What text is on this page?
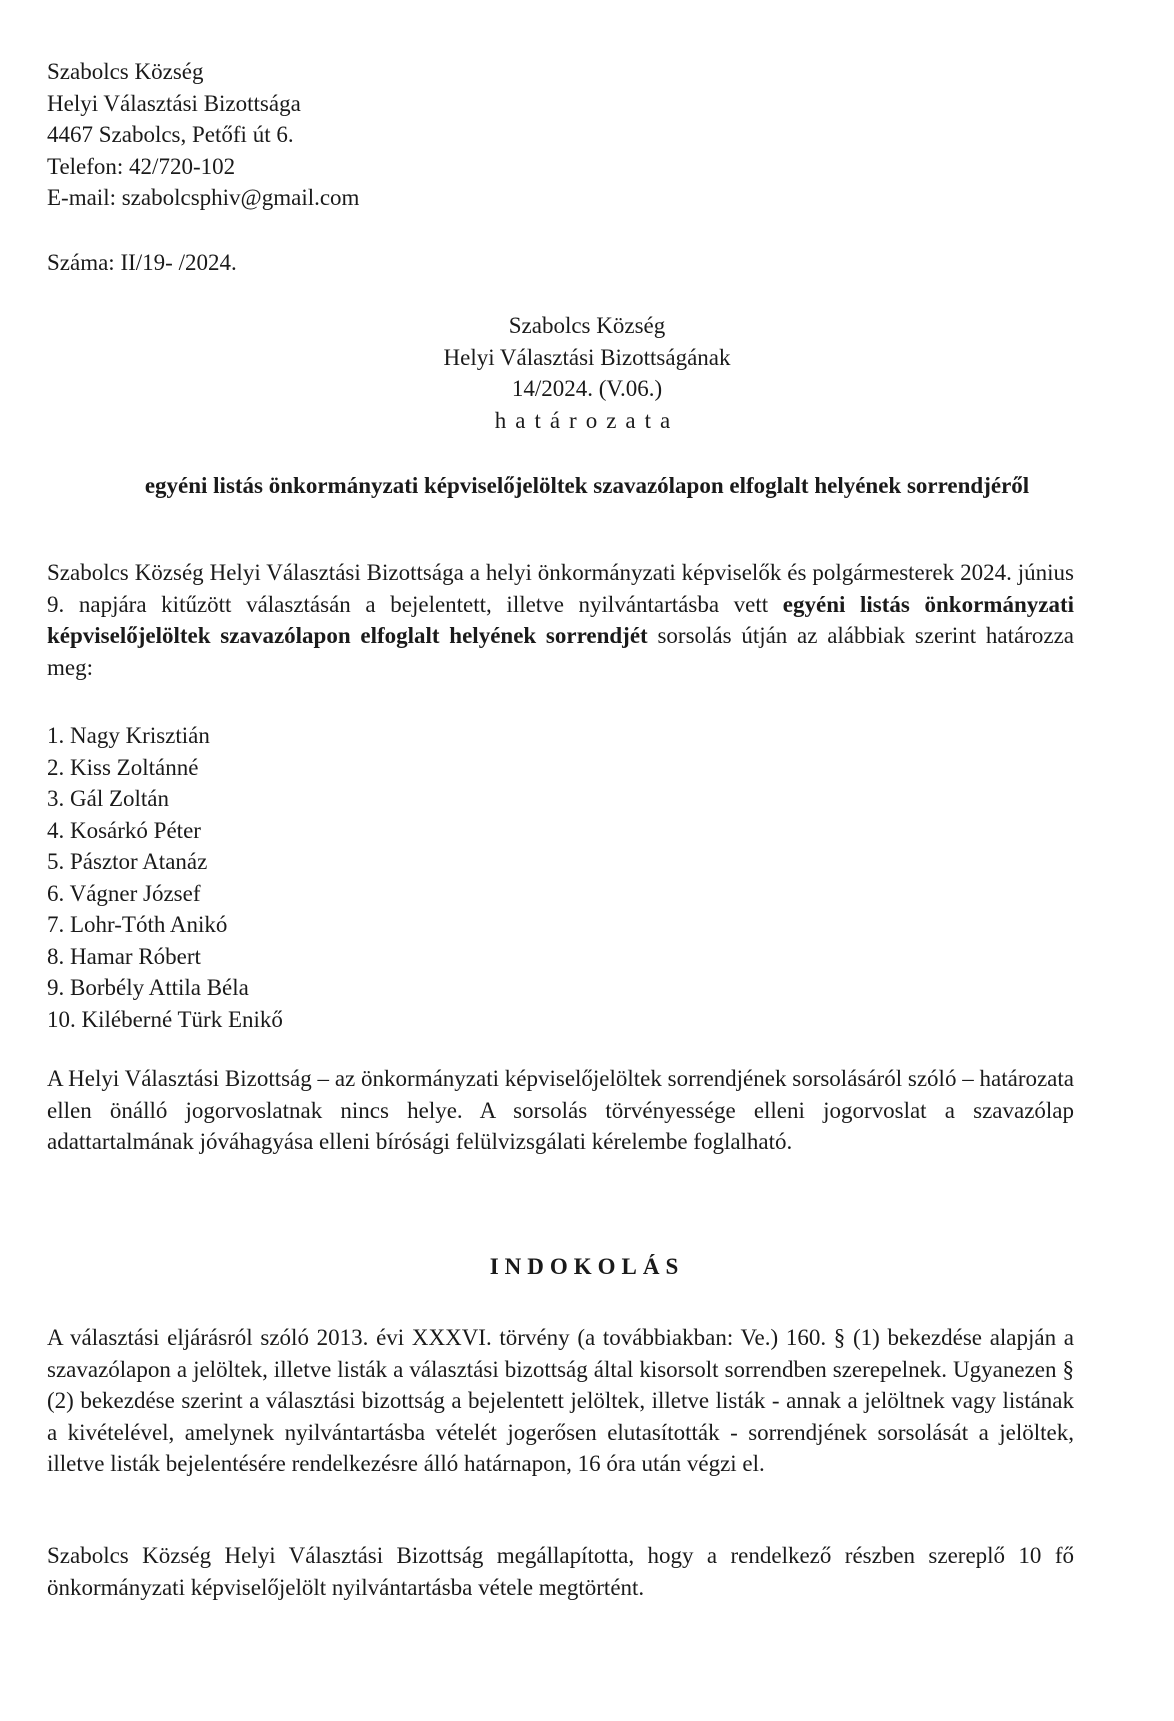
Szabolcs Község
Helyi Választási Bizottsága
4467 Szabolcs, Petőfi út 6.
Telefon: 42/720-102
E-mail: szabolcsphiv@gmail.com
Száma: II/19- /2024.
Szabolcs Község
Helyi Választási Bizottságának
14/2024. (V.06.)
határozata
egyéni listás önkormányzati képviselőjelöltek szavazólapon elfoglalt helyének sorrendjéről
Szabolcs Község Helyi Választási Bizottsága a helyi önkormányzati képviselők és polgármesterek 2024. június 9. napjára kitűzött választásán a bejelentett, illetve nyilvántartásba vett egyéni listás önkormányzati képviselőjelöltek szavazólapon elfoglalt helyének sorrendjét sorsolás útján az alábbiak szerint határozza meg:
1. Nagy Krisztián
2. Kiss Zoltánné
3. Gál Zoltán
4. Kosárkó Péter
5. Pásztor Atanáz
6. Vágner József
7. Lohr-Tóth Anikó
8. Hamar Róbert
9. Borbély Attila Béla
10. Kiléberné Türk Enikő
A Helyi Választási Bizottság – az önkormányzati képviselőjelöltek sorrendjének sorsolásáról szóló – határozata ellen önálló jogorvoslatnak nincs helye. A sorsolás törvényessége elleni jogorvoslat a szavazólap adattartalmának jóváhagyása elleni bírósági felülvizsgálati kérelembe foglalható.
INDOKOLÁS
A választási eljárásról szóló 2013. évi XXXVI. törvény (a továbbiakban: Ve.) 160. § (1) bekezdése alapján a szavazólapon a jelöltek, illetve listák a választási bizottság által kisorsolt sorrendben szerepelnek. Ugyanezen § (2) bekezdése szerint a választási bizottság a bejelentett jelöltek, illetve listák - annak a jelöltnek vagy listának a kivételével, amelynek nyilvántartásba vételét jogerősen elutasították - sorrendjének sorsolását a jelöltek, illetve listák bejelentésére rendelkezésre álló határnapon, 16 óra után végzi el.
Szabolcs Község Helyi Választási Bizottság megállapította, hogy a rendelkező részben szereplő 10 fő önkormányzati képviselőjelölt nyilvántartásba vétele megtörtént.
